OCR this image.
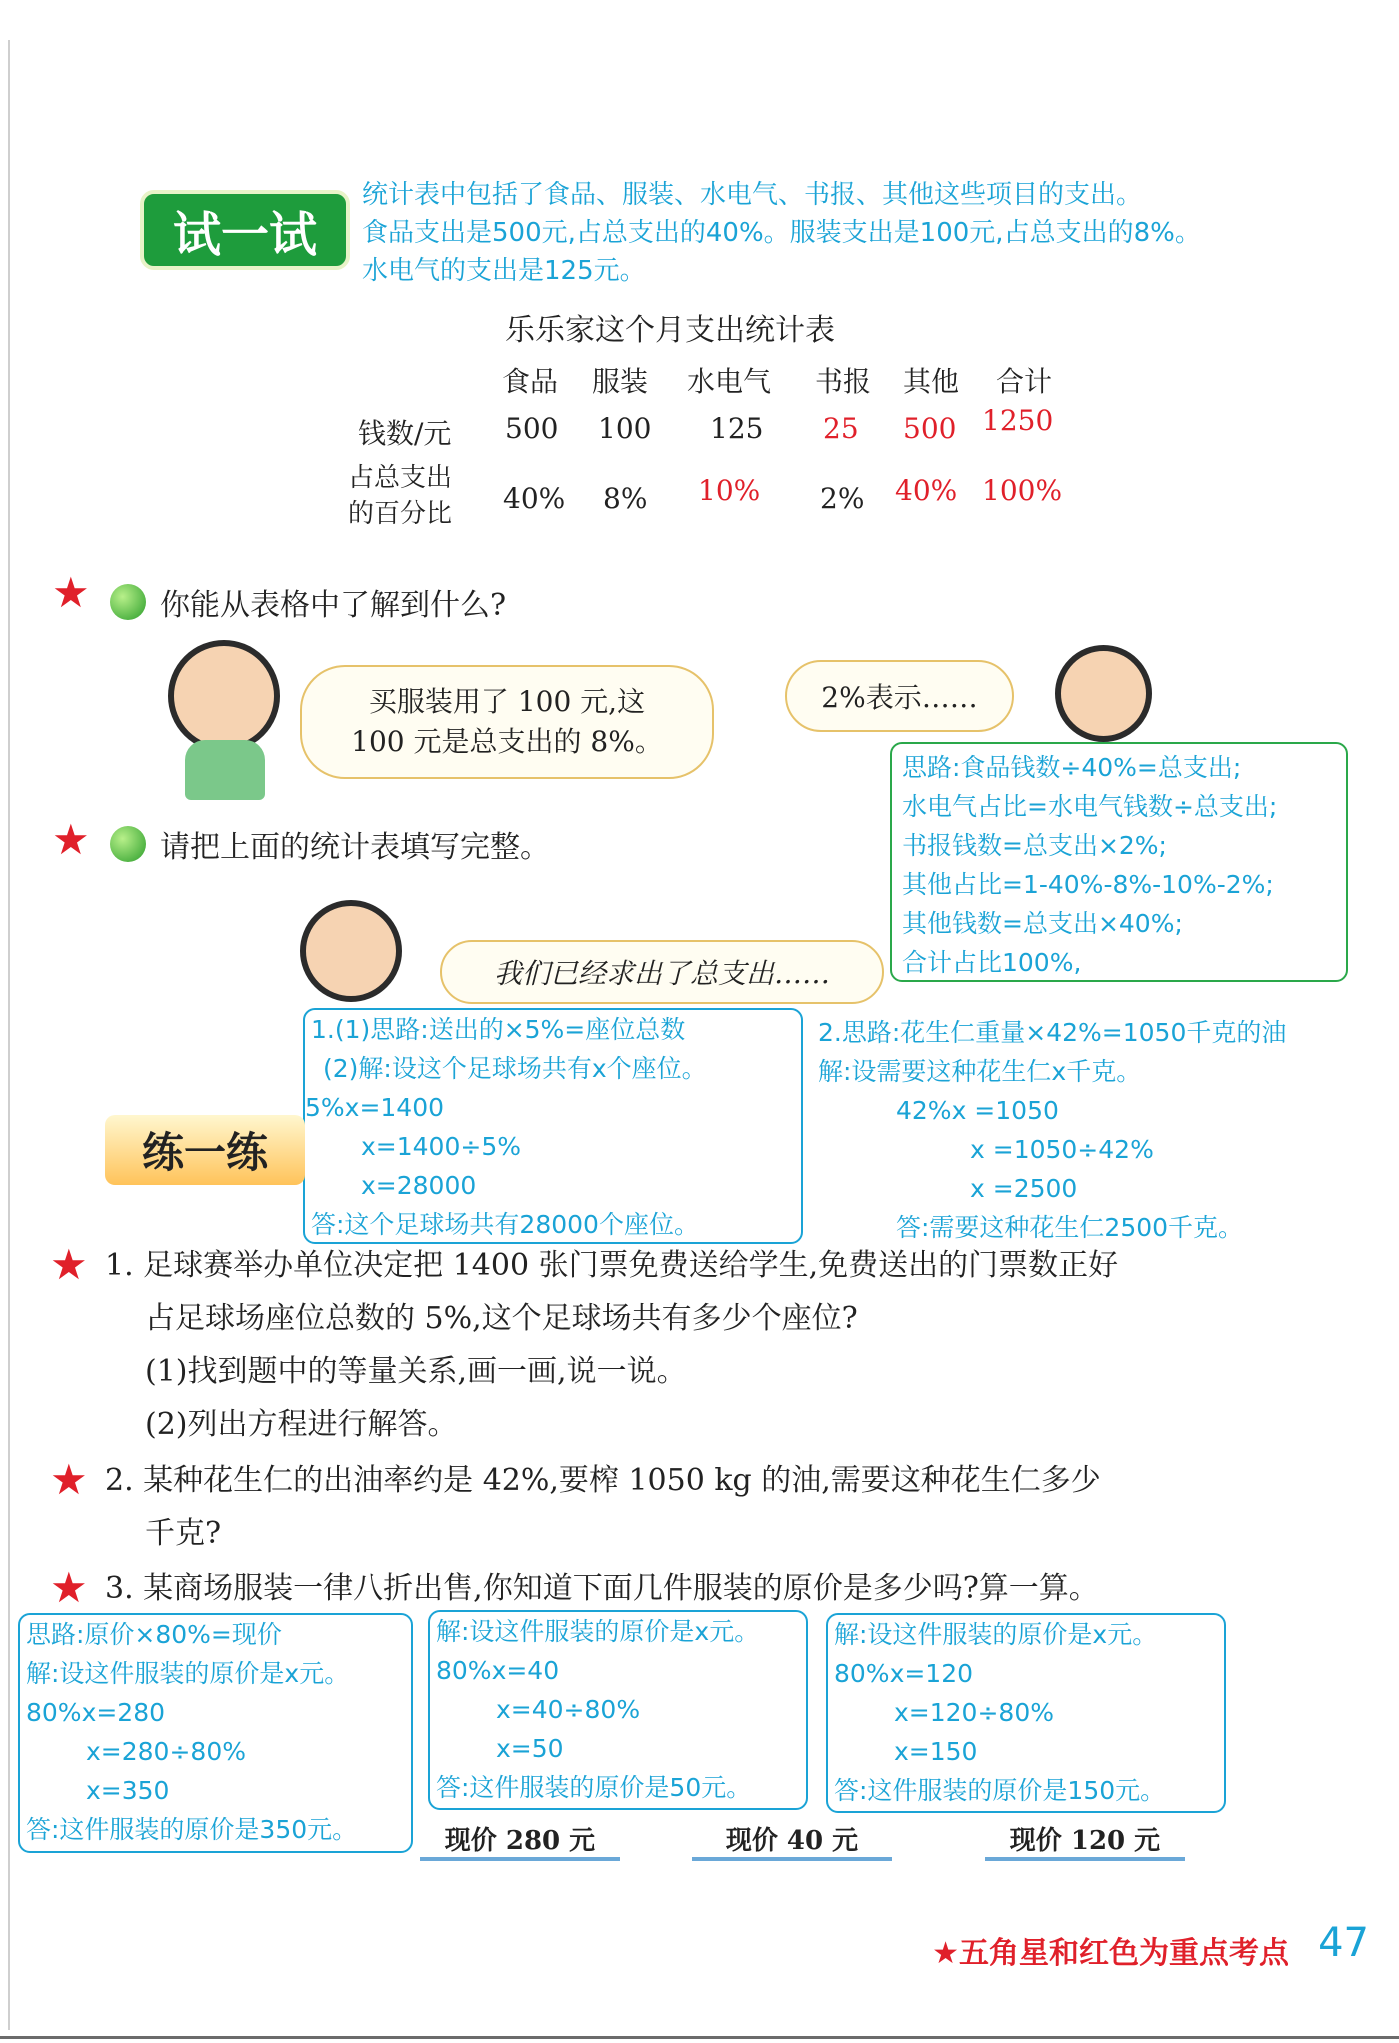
试一试
统计表中包括了食品、服装、水电气、书报、其他这些项目的支出。
食品支出是500元,占总支出的40%。服装支出是100元,占总支出的8%。
水电气的支出是125元。
乐乐家这个月支出统计表
食品 服装 水电气 书报 其他 合计
钱数/元 500 100 125 25 500 1250
占总支出
的百分比 40% 8% 10% 2% 40% 100%
★ 你能从表格中了解到什么?
买服装用了 100 元,这
100 元是总支出的 8%。
2%表示……
思路:食品钱数÷40%=总支出;
水电气占比=水电气钱数÷总支出;
书报钱数=总支出×2%;
其他占比=1-40%-8%-10%-2%;
其他钱数=总支出×40%;
合计占比100%,
★ 请把上面的统计表填写完整。
我们已经求出了总支出……
1.(1)思路:送出的×5%=座位总数
(2)解:设这个足球场共有x个座位。
5%x=1400
x=1400÷5%
x=28000
答:这个足球场共有28000个座位。
练一练
2.思路:花生仁重量×42%=1050千克的油
解:设需要这种花生仁x千克。
42%x =1050
x =1050÷42%
x =2500
答:需要这种花生仁2500千克。
★ 1. 足球赛举办单位决定把 1400 张门票免费送给学生,免费送出的门票数正好
占足球场座位总数的 5%,这个足球场共有多少个座位?
(1)找到题中的等量关系,画一画,说一说。
(2)列出方程进行解答。
★ 2. 某种花生仁的出油率约是 42%,要榨 1050 kg 的油,需要这种花生仁多少
千克?
★ 3. 某商场服装一律八折出售,你知道下面几件服装的原价是多少吗?算一算。
思路:原价×80%=现价
解:设这件服装的原价是x元。
80%x=280
x=280÷80%
x=350
答:这件服装的原价是350元。
解:设这件服装的原价是x元。
80%x=40
x=40÷80%
x=50
答:这件服装的原价是50元。
解:设这件服装的原价是x元。
80%x=120
x=120÷80%
x=150
答:这件服装的原价是150元。
现价 280 元	现价 40 元	现价 120 元
★五角星和红色为重点考点 47
